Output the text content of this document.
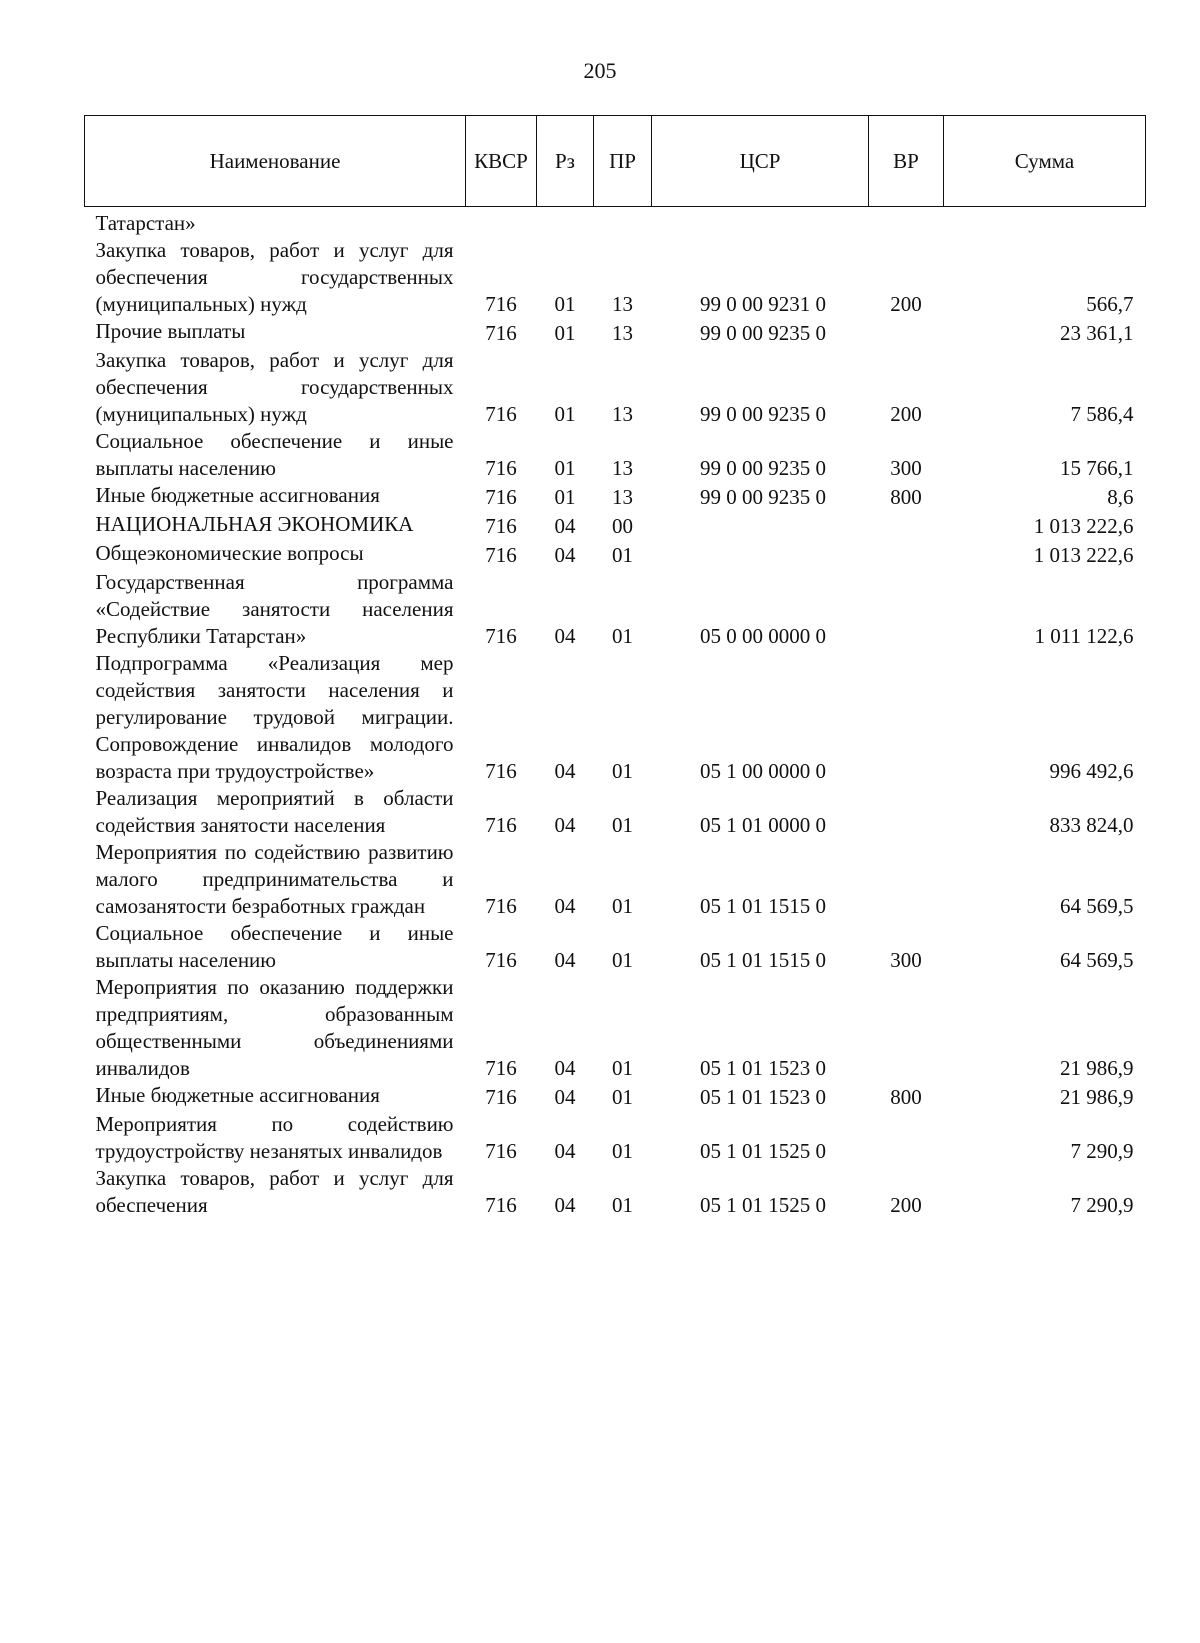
205
Наименование	КВСР	Рз	ПР	ЦСР	ВР	Сумма
Татарстан»						
Закупка товаров, работ и услуг для обеспечения государственных (муниципальных) нужд	716	01	13	99 0 00 9231 0	200	566,7
Прочие выплаты	716	01	13	99 0 00 9235 0		23 361,1
Закупка товаров, работ и услуг для обеспечения государственных (муниципальных) нужд	716	01	13	99 0 00 9235 0	200	7 586,4
Социальное обеспечение и иные выплаты населению	716	01	13	99 0 00 9235 0	300	15 766,1
Иные бюджетные ассигнования	716	01	13	99 0 00 9235 0	800	8,6
НАЦИОНАЛЬНАЯ ЭКОНОМИКА	716	04	00			1 013 222,6
Общеэкономические вопросы	716	04	01			1 013 222,6
Государственная программа «Содействие занятости населения Республики Татарстан»	716	04	01	05 0 00 0000 0		1 011 122,6
Подпрограмма «Реализация мер содействия занятости населения и регулирование трудовой миграции. Сопровождение инвалидов молодого возраста при трудоустройстве»	716	04	01	05 1 00 0000 0		996 492,6
Реализация мероприятий в области содействия занятости населения	716	04	01	05 1 01 0000 0		833 824,0
Мероприятия по содействию развитию малого предпринимательства и самозанятости безработных граждан	716	04	01	05 1 01 1515 0		64 569,5
Социальное обеспечение и иные выплаты населению	716	04	01	05 1 01 1515 0	300	64 569,5
Мероприятия по оказанию поддержки предприятиям, образованным общественными объединениями инвалидов	716	04	01	05 1 01 1523 0		21 986,9
Иные бюджетные ассигнования	716	04	01	05 1 01 1523 0	800	21 986,9
Мероприятия по содействию трудоустройству незанятых инвалидов	716	04	01	05 1 01 1525 0		7 290,9
Закупка товаров, работ и услуг для обеспечения	716	04	01	05 1 01 1525 0	200	7 290,9
